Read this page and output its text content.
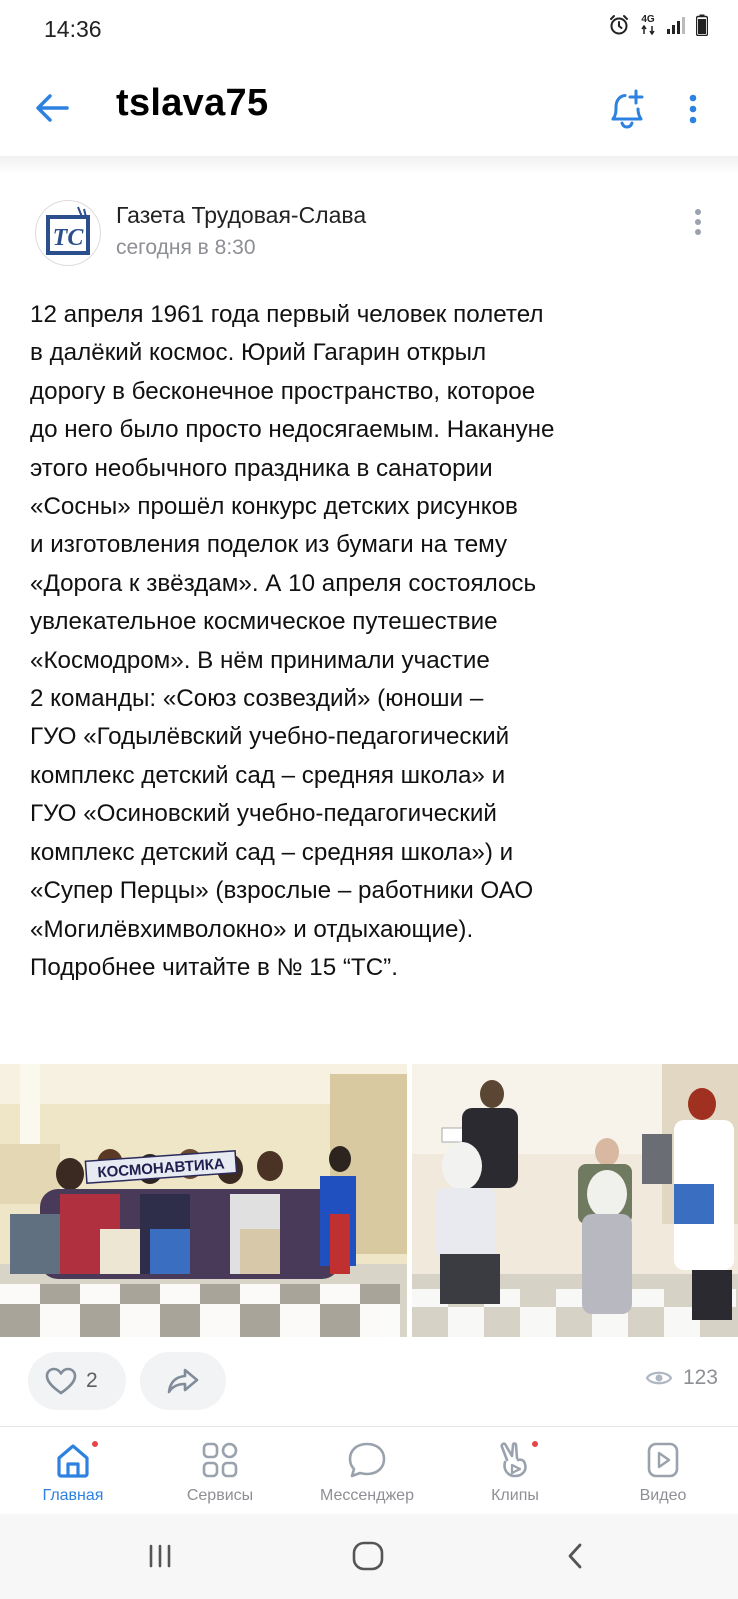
14:36	4G
tslava75
ТС
Газета Трудовая-Слава
сегодня в 8:30
12 апреля 1961 года первый человек полетел
в далёкий космос. Юрий Гагарин открыл
дорогу в бесконечное пространство, которое
до него было просто недосягаемым. Накануне
этого необычного праздника в санатории
«Сосны» прошёл конкурс детских рисунков
и изготовления поделок из бумаги на тему
«Дорога к звёздам». А 10 апреля состоялось
увлекательное космическое путешествие
«Космодром». В нём принимали участие
2 команды: «Союз созвездий» (юноши –
ГУО «Годылёвский учебно-педагогический
комплекс детский сад – средняя школа» и
ГУО «Осиновский учебно-педагогический
комплекс детский сад – средняя школа») и
«Супер Перцы» (взрослые – работники ОАО
«Могилёвхимволокно» и отдыхающие).
Подробнее читайте в № 15 “ТС”.
КОСМОНАВТИКА
2	123
Главная	Сервисы	Мессенджер	Клипы	Видео
